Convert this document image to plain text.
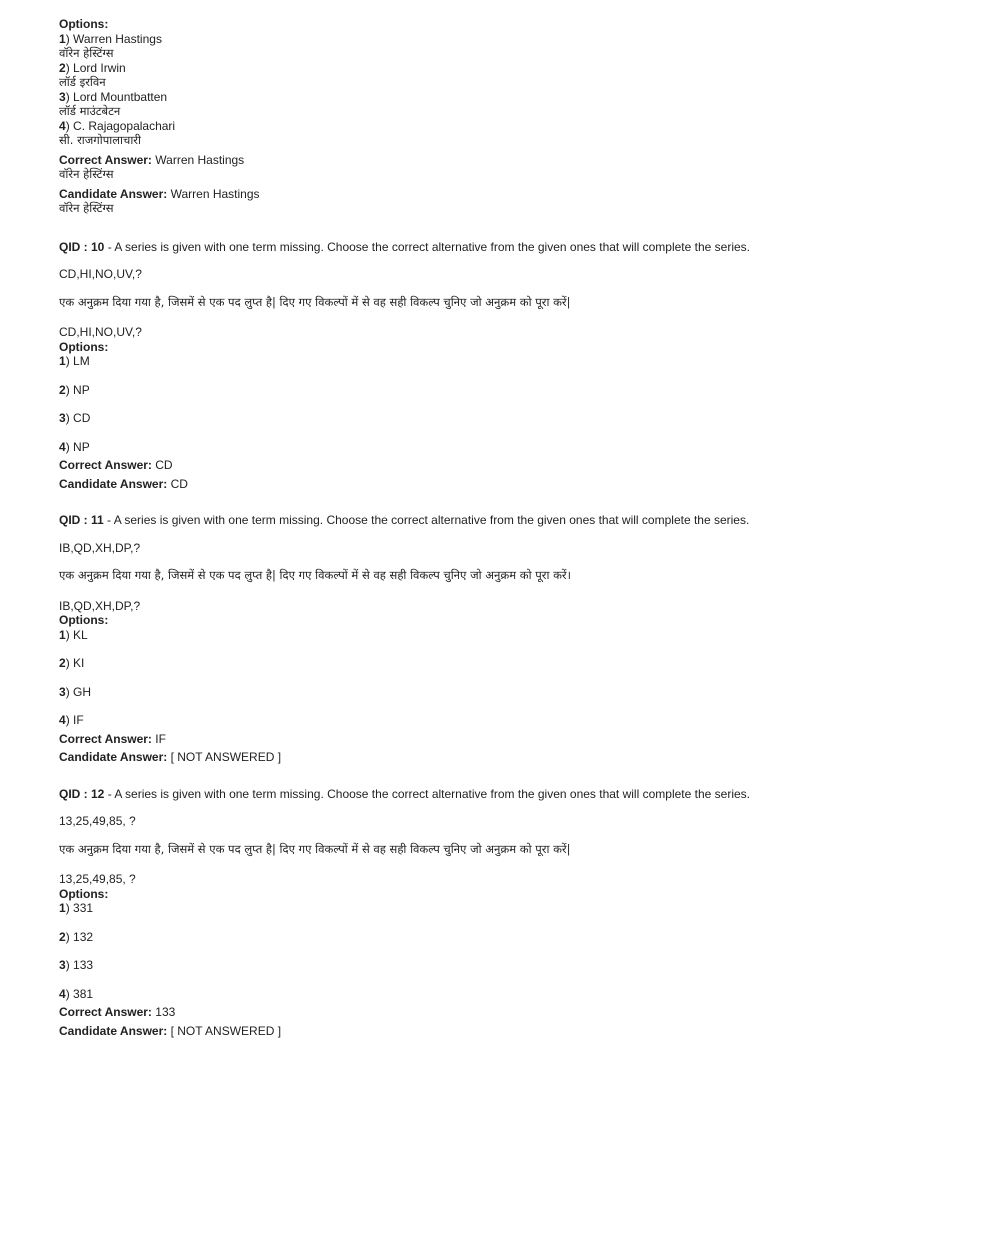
Options:
1) Warren Hastings
वॉरेन हेस्टिंग्स
2) Lord Irwin
लॉर्ड इरविन
3) Lord Mountbatten
लॉर्ड माउंटबेटन
4) C. Rajagopalachari
सी. राजगोपालाचारी
Correct Answer: Warren Hastings
वॉरेन हेस्टिंग्स
Candidate Answer: Warren Hastings
वॉरेन हेस्टिंग्स
QID : 10 - A series is given with one term missing. Choose the correct alternative from the given ones that will complete the series.
CD,HI,NO,UV,?
एक अनुक्रम दिया गया है, जिसमें से एक पद लुप्त है| दिए गए विकल्पों में से वह सही विकल्प चुनिए जो अनुक्रम को पूरा करें|
CD,HI,NO,UV,?
Options:
1) LM
2) NP
3) CD
4) NP
Correct Answer: CD
Candidate Answer: CD
QID : 11 - A series is given with one term missing. Choose the correct alternative from the given ones that will complete the series.
IB,QD,XH,DP,?
एक अनुक्रम दिया गया है, जिसमें से एक पद लुप्त है| दिए गए विकल्पों में से वह सही विकल्प चुनिए जो अनुक्रम को पूरा करें।
IB,QD,XH,DP,?
Options:
1) KL
2) KI
3) GH
4) IF
Correct Answer: IF
Candidate Answer: [ NOT ANSWERED ]
QID : 12 - A series is given with one term missing. Choose the correct alternative from the given ones that will complete the series.
13,25,49,85, ?
एक अनुक्रम दिया गया है, जिसमें से एक पद लुप्त है| दिए गए विकल्पों में से वह सही विकल्प चुनिए जो अनुक्रम को पूरा करें|
13,25,49,85, ?
Options:
1) 331
2) 132
3) 133
4) 381
Correct Answer: 133
Candidate Answer: [ NOT ANSWERED ]
